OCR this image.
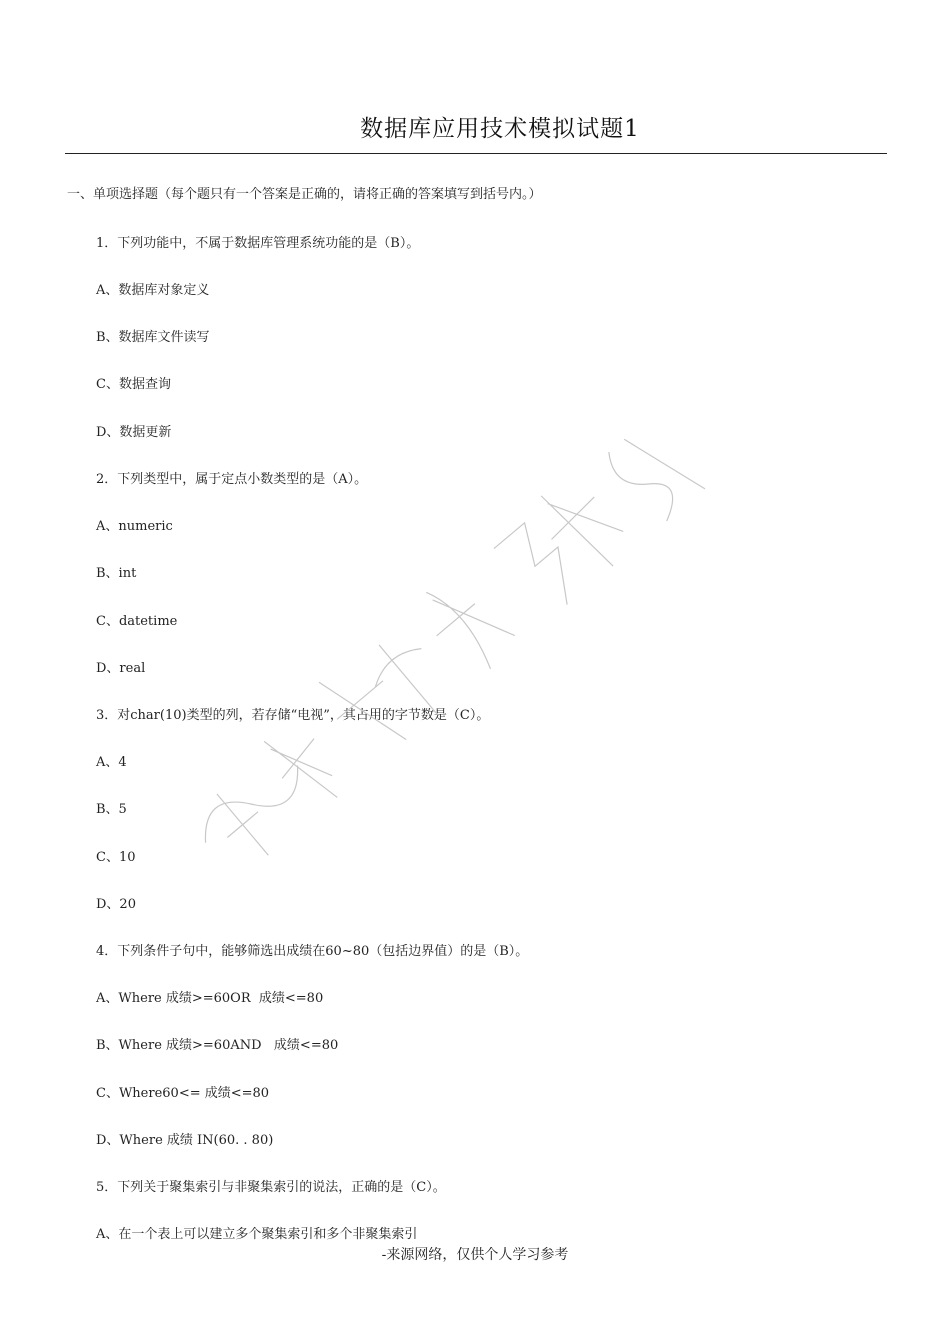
数据库应用技术模拟试题1
一、单项选择题（每个题只有一个答案是正确的，请将正确的答案填写到括号内。）
1．下列功能中，不属于数据库管理系统功能的是（B）。
A、数据库对象定义
B、数据库文件读写
C、数据查询
D、数据更新
2．下列类型中，属于定点小数类型的是（A）。
A、numeric
B、int
C、datetime
D、real
3．对char(10)类型的列，若存储“电视”，其占用的字节数是（C）。
A、4
B、5
C、10
D、20
4．下列条件子句中，能够筛选出成绩在60~80（包括边界值）的是（B）。
A、Where 成绩>=60OR  成绩<=80
B、Where 成绩>=60AND   成绩<=80
C、Where60<= 成绩<=80
D、Where 成绩 IN(60. . 80)
5．下列关于聚集索引与非聚集索引的说法，正确的是（C）。
A、在一个表上可以建立多个聚集索引和多个非聚集索引
-来源网络，仅供个人学习参考
